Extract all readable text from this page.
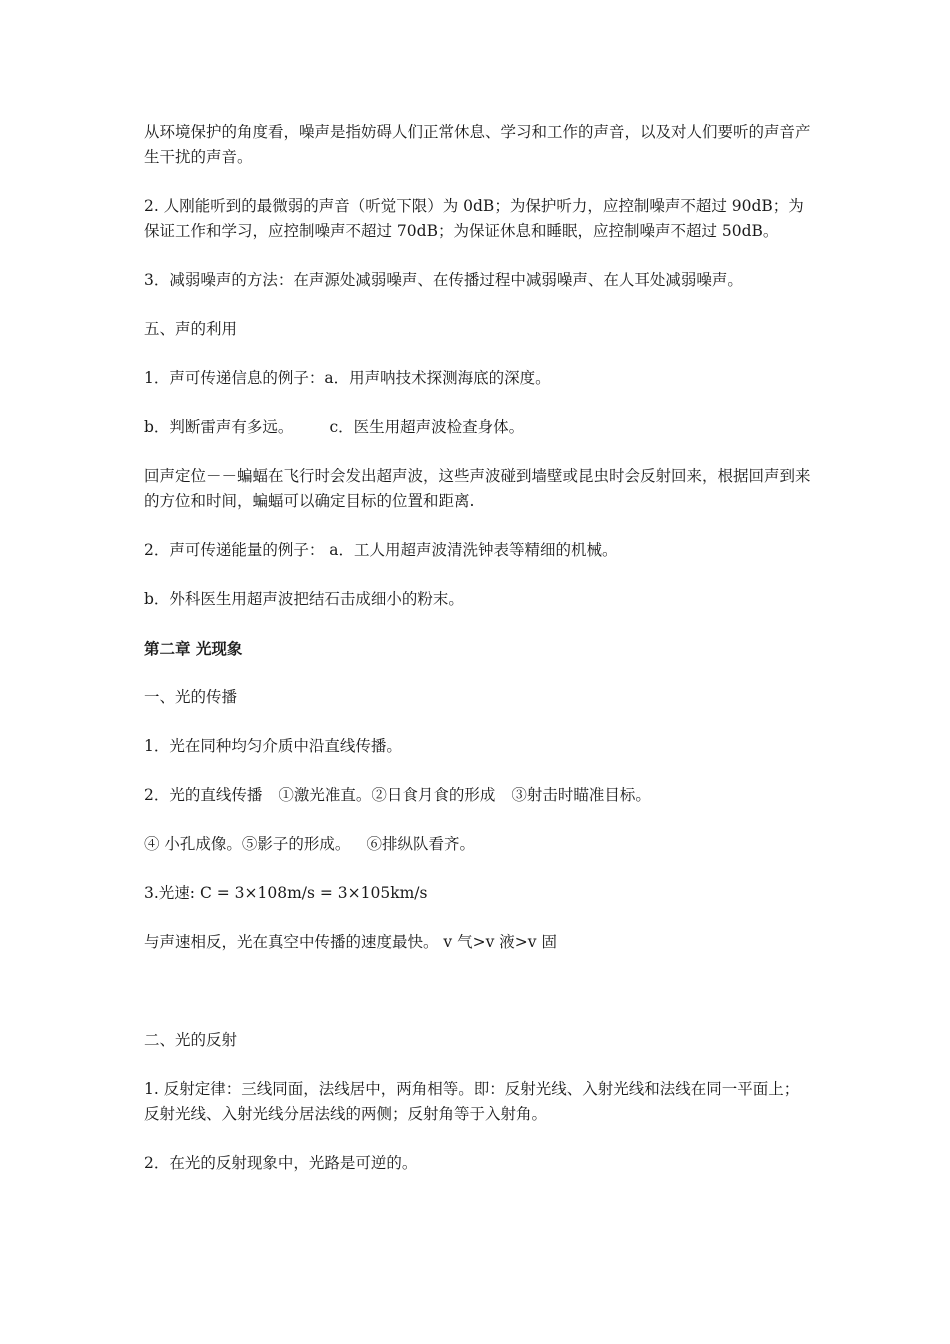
从环境保护的角度看，噪声是指妨碍人们正常休息、学习和工作的声音，以及对人们要听的声音产生干扰的声音。

2. 人刚能听到的最微弱的声音（听觉下限）为 0dB；为保护听力，应控制噪声不超过 90dB；为保证工作和学习，应控制噪声不超过 70dB；为保证休息和睡眠，应控制噪声不超过 50dB。

3．减弱噪声的方法：在声源处减弱噪声、在传播过程中减弱噪声、在人耳处减弱噪声。

五、声的利用

1．声可传递信息的例子：a．用声呐技术探测海底的深度。

b．判断雷声有多远。 c．医生用超声波检查身体。

回声定位－－蝙蝠在飞行时会发出超声波，这些声波碰到墙壁或昆虫时会反射回来，根据回声到来的方位和时间，蝙蝠可以确定目标的位置和距离.

2．声可传递能量的例子： a．工人用超声波清洗钟表等精细的机械。

b．外科医生用超声波把结石击成细小的粉末。

第二章 光现象

一、光的传播

1．光在同种均匀介质中沿直线传播。

2．光的直线传播 ①激光准直。②日食月食的形成 ③射击时瞄准目标。

④ 小孔成像。⑤影子的形成。 ⑥排纵队看齐。

3.光速: C = 3×108m/s = 3×105km/s

与声速相反，光在真空中传播的速度最快。 v 气>v 液>v 固

二、光的反射

1. 反射定律：三线同面，法线居中，两角相等。即：反射光线、入射光线和法线在同一平面上；反射光线、入射光线分居法线的两侧；反射角等于入射角。

2．在光的反射现象中，光路是可逆的。
